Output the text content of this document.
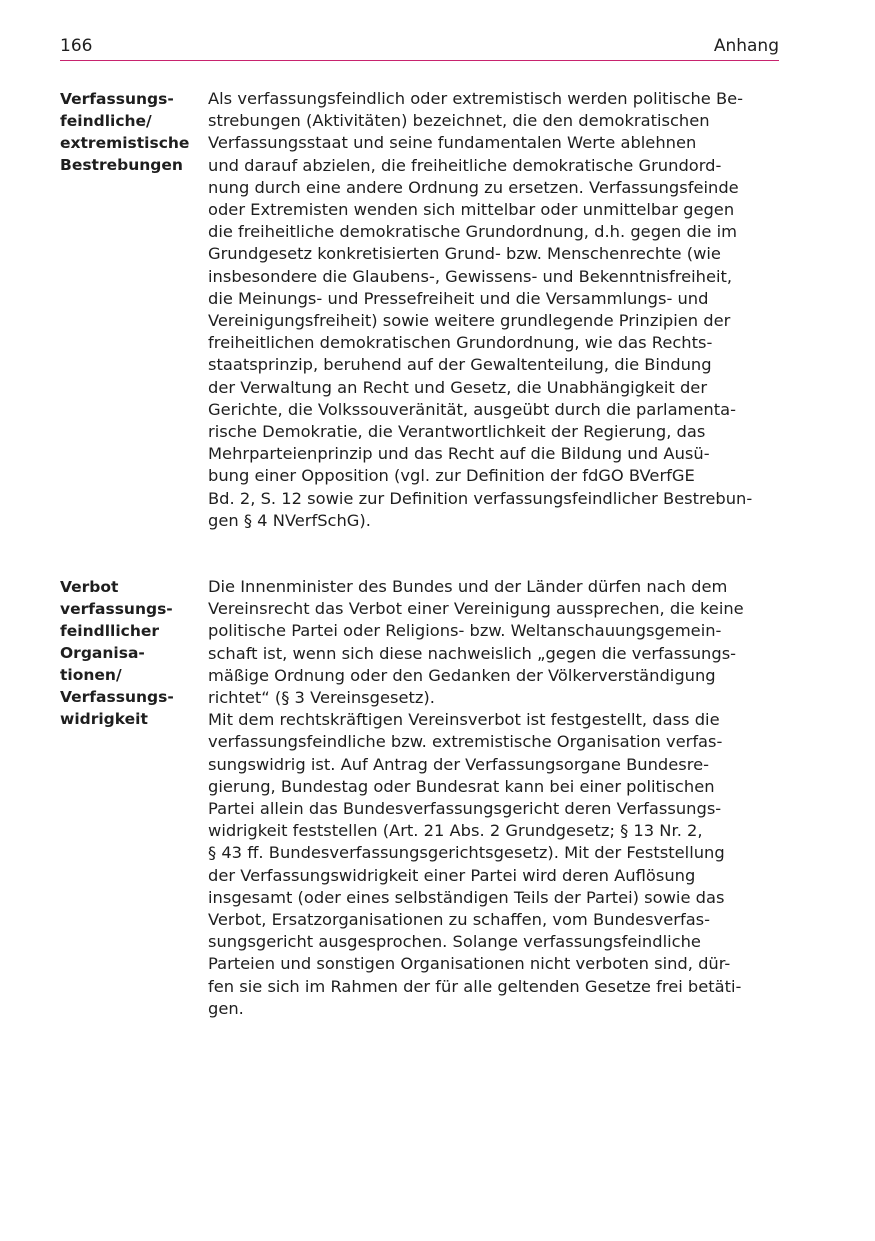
166	Anhang
Verfassungs-
feindliche/
extremistische
Bestrebungen
Als verfassungsfeindlich oder extremistisch werden politische Be-
strebungen (Aktivitäten) bezeichnet, die den demokratischen
Verfassungsstaat und seine fundamentalen Werte ablehnen
und darauf abzielen, die freiheitliche demokratische Grundord-
nung durch eine andere Ordnung zu ersetzen. Verfassungsfeinde
oder Extremisten wenden sich mittelbar oder unmittelbar gegen
die freiheitliche demokratische Grundordnung, d.h. gegen die im
Grundgesetz konkretisierten Grund- bzw. Menschenrechte (wie
insbesondere die Glaubens-, Gewissens- und Bekenntnisfreiheit,
die Meinungs- und Pressefreiheit und die Versammlungs- und
Vereinigungsfreiheit) sowie weitere grundlegende Prinzipien der
freiheitlichen demokratischen Grundordnung, wie das Rechts-
staatsprinzip, beruhend auf der Gewaltenteilung, die Bindung
der Verwaltung an Recht und Gesetz, die Unabhängigkeit der
Gerichte, die Volkssouveränität, ausgeübt durch die parlamenta-
rische Demokratie, die Verantwortlichkeit der Regierung, das
Mehrparteienprinzip und das Recht auf die Bildung und Ausü-
bung einer Opposition (vgl. zur Definition der fdGO BVerfGE
Bd. 2, S. 12 sowie zur Definition verfassungsfeindlicher Bestrebun-
gen § 4 NVerfSchG).
Verbot
verfassungs-
feindllicher
Organisa-
tionen/
Verfassungs-
widrigkeit
Die Innenminister des Bundes und der Länder dürfen nach dem
Vereinsrecht das Verbot einer Vereinigung aussprechen, die keine
politische Partei oder Religions- bzw. Weltanschauungsgemein-
schaft ist, wenn sich diese nachweislich „gegen die verfassungs-
mäßige Ordnung oder den Gedanken der Völkerverständigung
richtet“ (§ 3 Vereinsgesetz).
Mit dem rechtskräftigen Vereinsverbot ist festgestellt, dass die
verfassungsfeindliche bzw. extremistische Organisation verfas-
sungswidrig ist. Auf Antrag der Verfassungsorgane Bundesre-
gierung, Bundestag oder Bundesrat kann bei einer politischen
Partei allein das Bundesverfassungsgericht deren Verfassungs-
widrigkeit feststellen (Art. 21 Abs. 2 Grundgesetz; § 13 Nr. 2,
§ 43 ff. Bundesverfassungsgerichtsgesetz). Mit der Feststellung
der Verfassungswidrigkeit einer Partei wird deren Auflösung
insgesamt (oder eines selbständigen Teils der Partei) sowie das
Verbot, Ersatzorganisationen zu schaffen, vom Bundesverfas-
sungsgericht ausgesprochen. Solange verfassungsfeindliche
Parteien und sonstigen Organisationen nicht verboten sind, dür-
fen sie sich im Rahmen der für alle geltenden Gesetze frei betäti-
gen.
